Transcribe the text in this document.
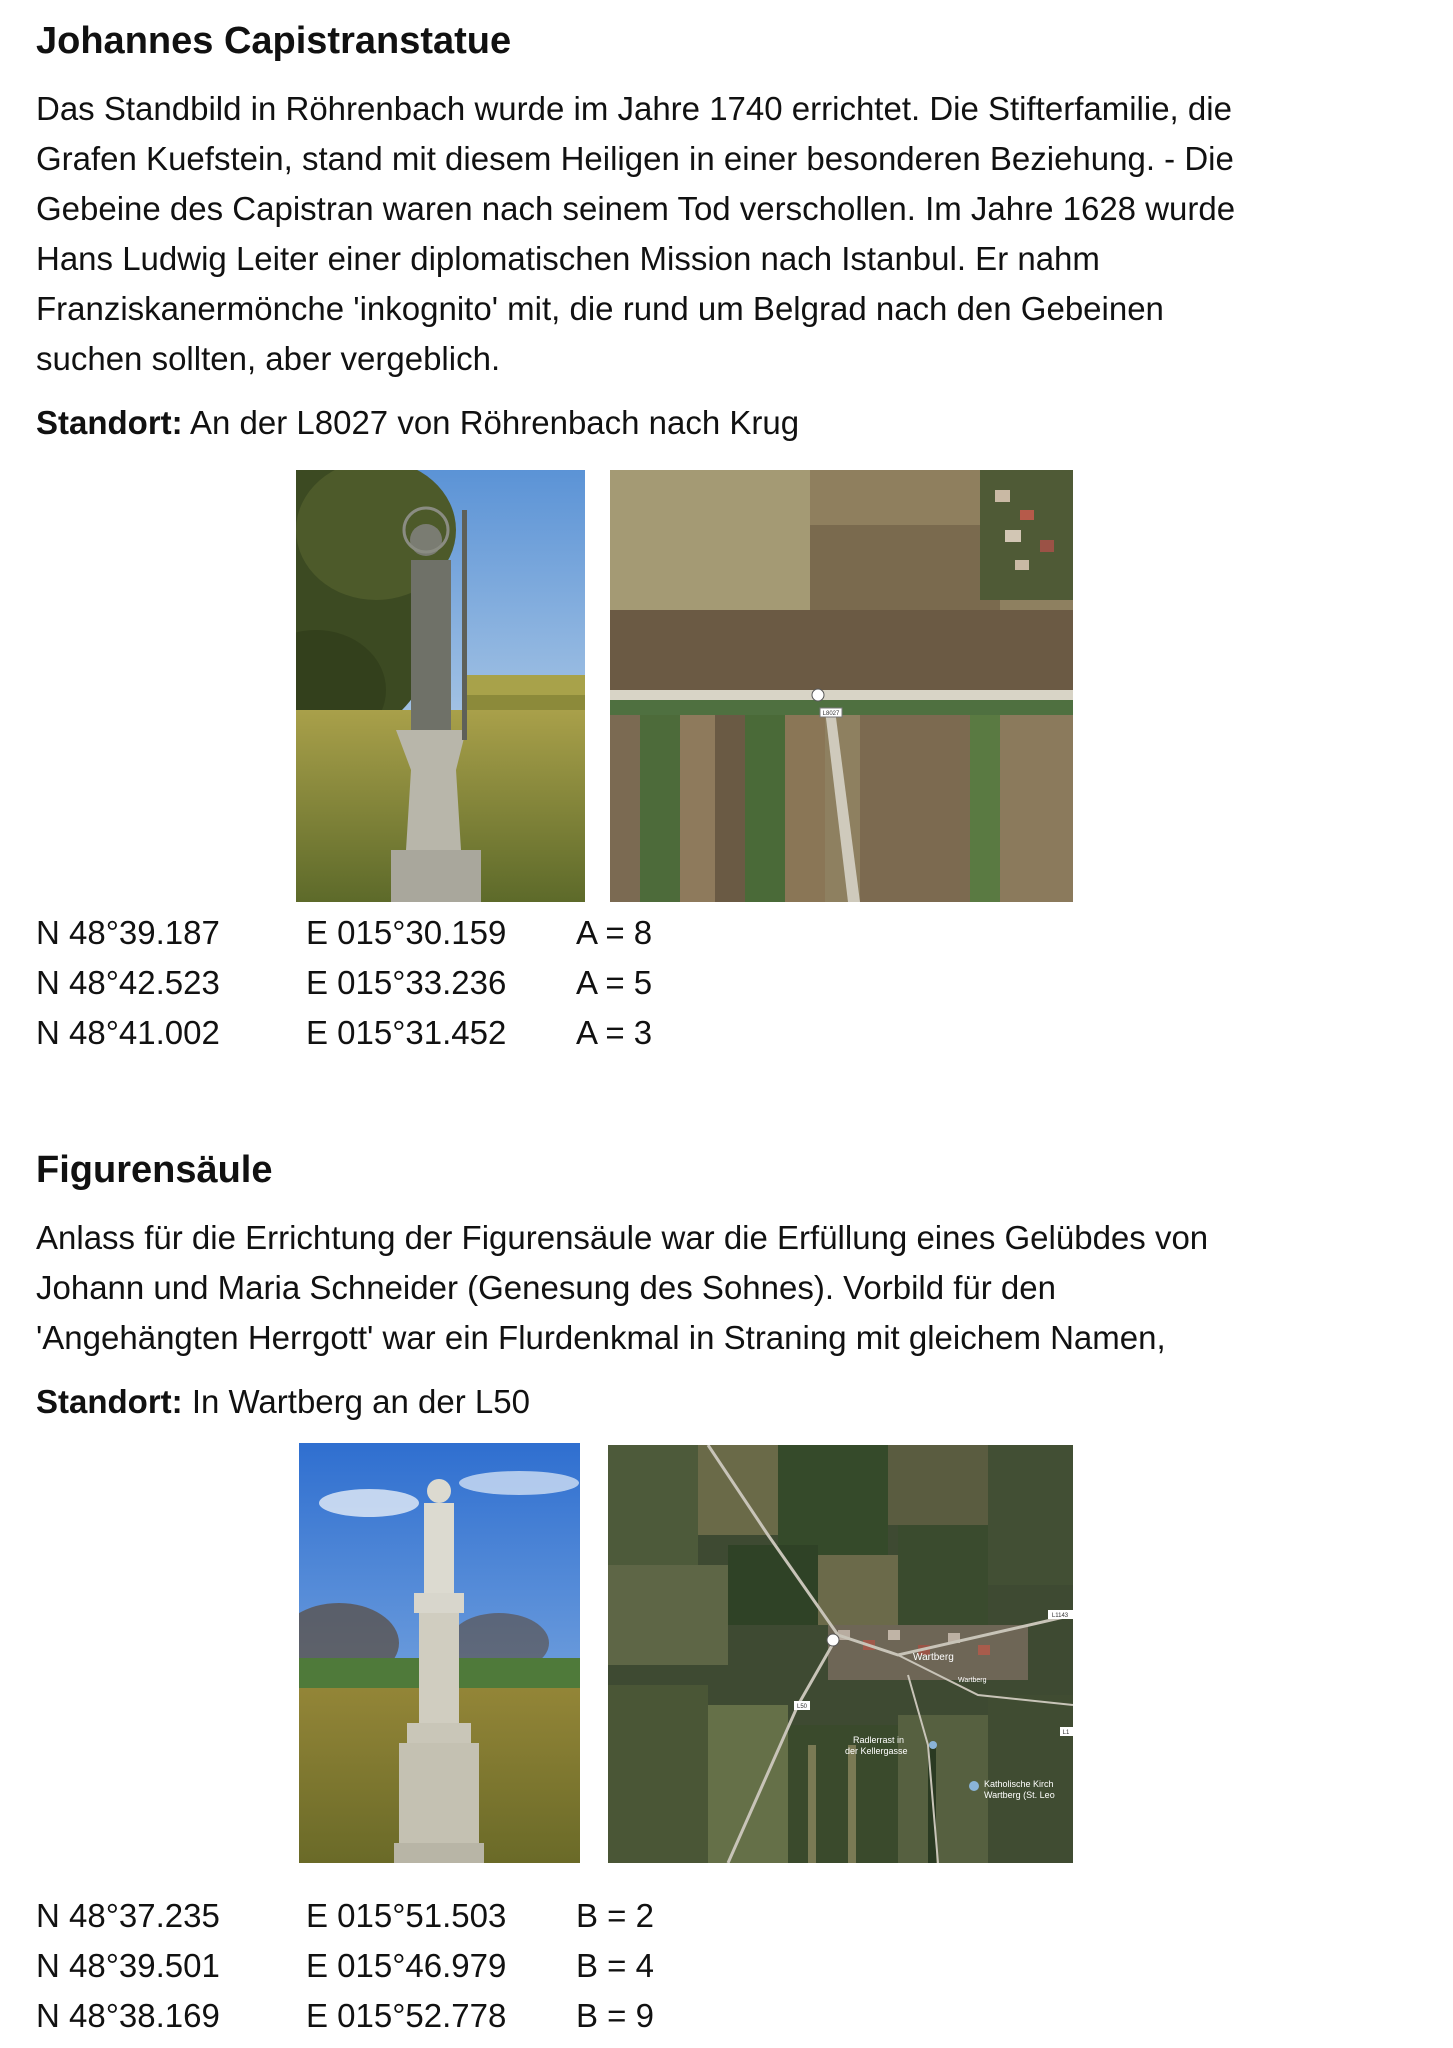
Johannes Capistranstatue

Das Standbild in Röhrenbach wurde im Jahre 1740 errichtet. Die Stifterfamilie, die
Grafen Kuefstein, stand mit diesem Heiligen in einer besonderen Beziehung. - Die
Gebeine des Capistran waren nach seinem Tod verschollen. Im Jahre 1628 wurde
Hans Ludwig Leiter einer diplomatischen Mission nach Istanbul. Er nahm
Franziskanermönche 'inkognito' mit, die rund um Belgrad nach den Gebeinen
suchen sollten, aber vergeblich.

Standort: An der L8027 von Röhrenbach nach Krug

L8027
N 48°39.187	E 015°30.159	A = 8
N 48°42.523	E 015°33.236	A = 5
N 48°41.002	E 015°31.452	A = 3
Figurensäule

Anlass für die Errichtung der Figurensäule war die Erfüllung eines Gelübdes von
Johann und Maria Schneider (Genesung des Sohnes). Vorbild für den
'Angehängten Herrgott' war ein Flurdenkmal in Straning mit gleichem Namen,

Standort: In Wartberg an der L50

Wartberg
Wartberg
L50
L1143
L1
Radlerrast in
der Kellergasse
Katholische Kirch
Wartberg (St. Leo
N 48°37.235	E 015°51.503	B = 2
N 48°39.501	E 015°46.979	B = 4
N 48°38.169	E 015°52.778	B = 9
